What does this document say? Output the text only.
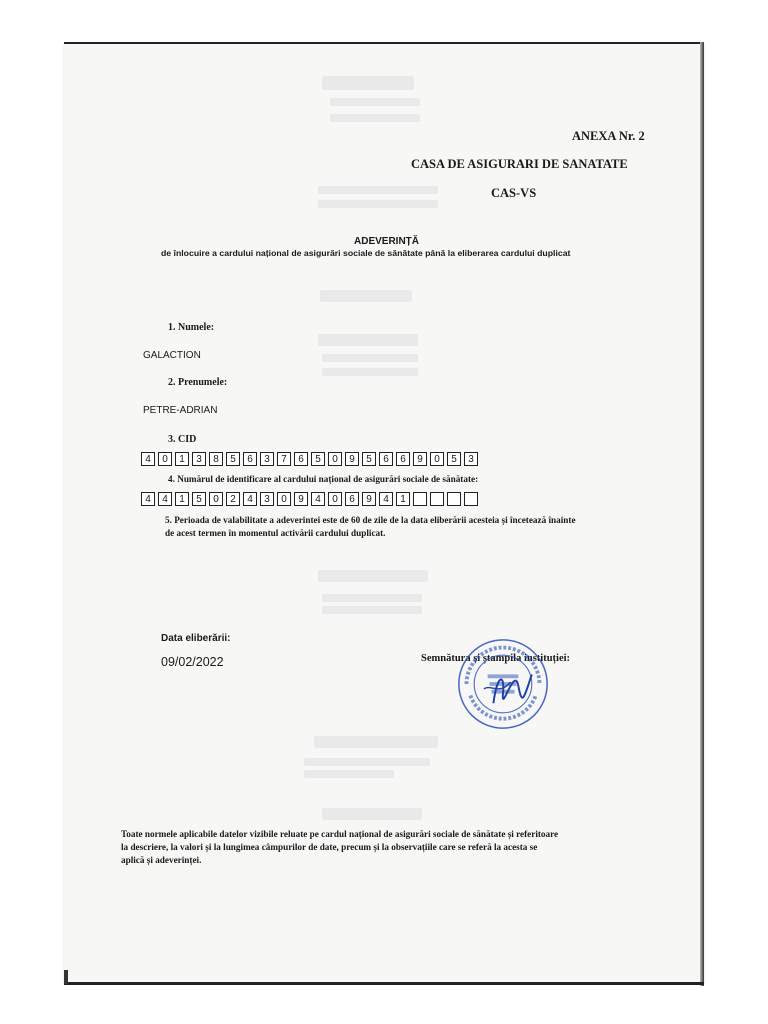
ANEXA Nr. 2
CASA DE ASIGURARI DE SANATATE
CAS-VS
ADEVERINȚĂ
de înlocuire a cardului național de asigurări sociale de sănătate până la eliberarea cardului duplicat
1. Numele:
GALACTION
2. Prenumele:
PETRE-ADRIAN
3. CID
4	0	1	3	8	5	6	3	7	6	5	0	9	5	6	6	9	0	5	3
4. Numărul de identificare al cardului național de asigurări sociale de sănătate:
4	4	1	5	0	2	4	3	0	9	4	0	6	9	4	1
5. Perioada de valabilitate a adeverintei este de 60 de zile de la data eliberării acesteia și încetează înainte
de acest termen în momentul activării cardului duplicat.
Data eliberării:
09/02/2022	Semnătura și ștampila instituției:
Toate normele aplicabile datelor vizibile reluate pe cardul național de asigurări sociale de sănătate și referitoare
la descriere, la valori și la lungimea câmpurilor de date, precum și la observațiile care se referă la acesta se
aplică și adeverinței.
